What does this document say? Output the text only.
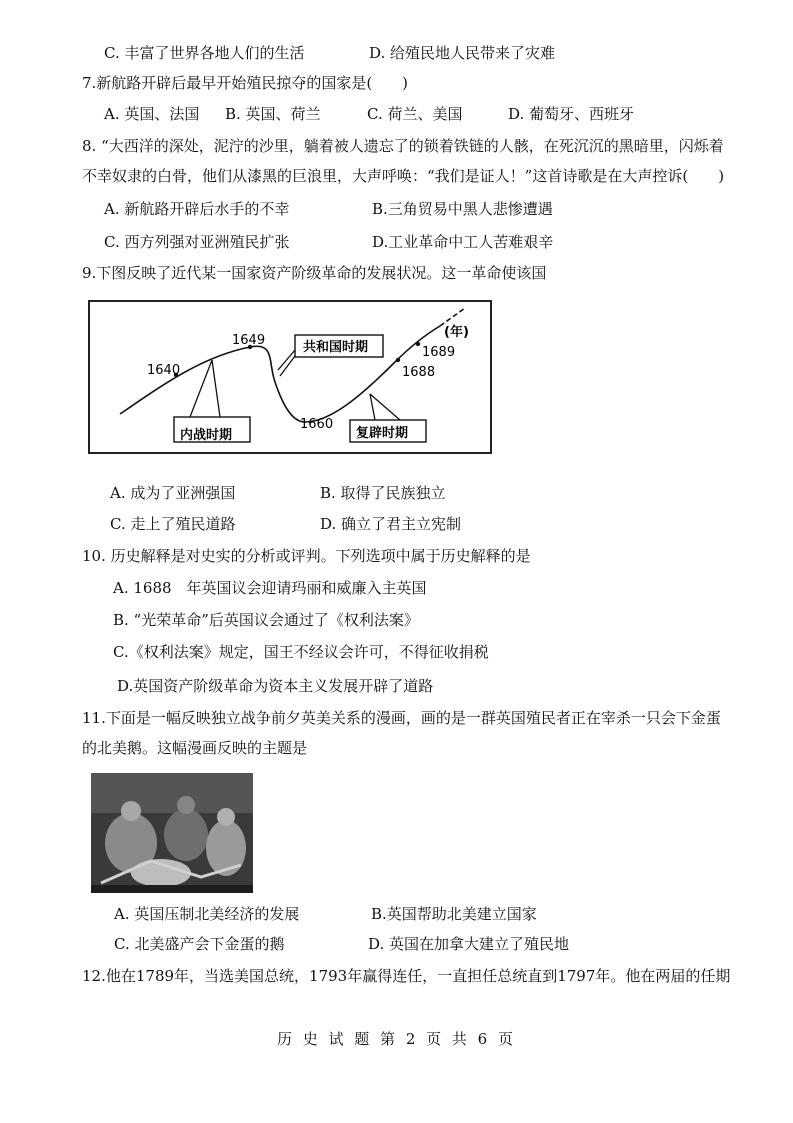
C. 丰富了世界各地人们的生活	D. 给殖民地人民带来了灾难
7.新航路开辟后最早开始殖民掠夺的国家是(　　)
A. 英国、法国 B. 英国、荷兰	C. 荷兰、美国	D. 葡萄牙、西班牙
8. “大西洋的深处，泥泞的沙里，躺着被人遗忘了的锁着铁链的人骸，在死沉沉的黑暗里，闪烁着
不幸奴隶的白骨，他们从漆黑的巨浪里，大声呼唤：“我们是证人！”这首诗歌是在大声控诉(　　)
A. 新航路开辟后水手的不幸	B.三角贸易中黑人悲惨遭遇
C. 西方列强对亚洲殖民扩张	D.工业革命中工人苦难艰辛
9.下图反映了近代某一国家资产阶级革命的发展状况。这一革命使该国
1640
1649
1660
1688
1689
(年)
共和国时期
内战时期	复辟时期
A. 成为了亚洲强国	B. 取得了民族独立
C. 走上了殖民道路	D. 确立了君主立宪制
10. 历史解释是对史实的分析或评判。下列选项中属于历史解释的是
A. 1688　年英国议会迎请玛丽和威廉入主英国
B. “光荣革命”后英国议会通过了《权利法案》
C.《权利法案》规定，国王不经议会许可，不得征收捐税
D.英国资产阶级革命为资本主义发展开辟了道路
11.下面是一幅反映独立战争前夕英美关系的漫画，画的是一群英国殖民者正在宰杀一只会下金蛋
的北美鹅。这幅漫画反映的主题是
A. 英国压制北美经济的发展	B.英国帮助北美建立国家
C. 北美盛产会下金蛋的鹅	D. 英国在加拿大建立了殖民地
12.他在1789年，当选美国总统，1793年赢得连任，一直担任总统直到1797年。他在两届的任期
历 史 试 题 第 2 页 共 6 页
